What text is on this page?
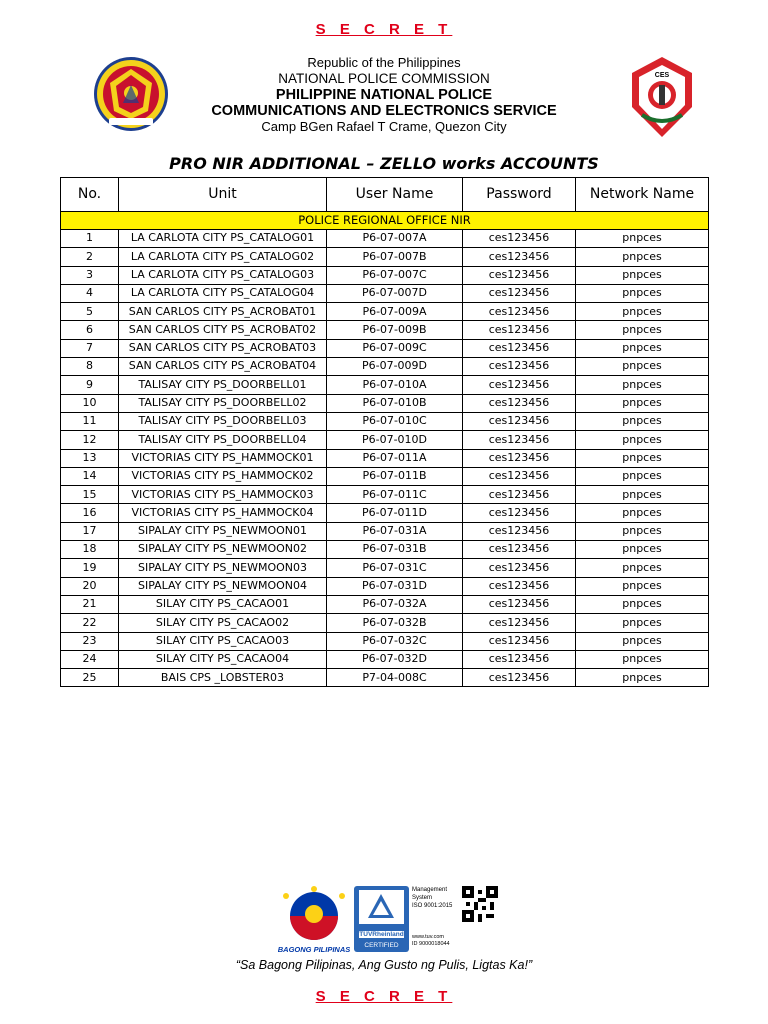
S E C R E T
Republic of the Philippines
NATIONAL POLICE COMMISSION
PHILIPPINE NATIONAL POLICE
COMMUNICATIONS AND ELECTRONICS SERVICE
Camp BGen Rafael T Crame, Quezon City
CES
PRO NIR ADDITIONAL – ZELLO works ACCOUNTS
No.	Unit	User Name	Password	Network Name
POLICE REGIONAL OFFICE NIR				
1	LA CARLOTA CITY PS_CATALOG01	P6-07-007A	ces123456	pnpces
2	LA CARLOTA CITY PS_CATALOG02	P6-07-007B	ces123456	pnpces
3	LA CARLOTA CITY PS_CATALOG03	P6-07-007C	ces123456	pnpces
4	LA CARLOTA CITY PS_CATALOG04	P6-07-007D	ces123456	pnpces
5	SAN CARLOS CITY PS_ACROBAT01	P6-07-009A	ces123456	pnpces
6	SAN CARLOS CITY PS_ACROBAT02	P6-07-009B	ces123456	pnpces
7	SAN CARLOS CITY PS_ACROBAT03	P6-07-009C	ces123456	pnpces
8	SAN CARLOS CITY PS_ACROBAT04	P6-07-009D	ces123456	pnpces
9	TALISAY CITY PS_DOORBELL01	P6-07-010A	ces123456	pnpces
10	TALISAY CITY PS_DOORBELL02	P6-07-010B	ces123456	pnpces
11	TALISAY CITY PS_DOORBELL03	P6-07-010C	ces123456	pnpces
12	TALISAY CITY PS_DOORBELL04	P6-07-010D	ces123456	pnpces
13	VICTORIAS CITY PS_HAMMOCK01	P6-07-011A	ces123456	pnpces
14	VICTORIAS CITY PS_HAMMOCK02	P6-07-011B	ces123456	pnpces
15	VICTORIAS CITY PS_HAMMOCK03	P6-07-011C	ces123456	pnpces
16	VICTORIAS CITY PS_HAMMOCK04	P6-07-011D	ces123456	pnpces
17	SIPALAY CITY PS_NEWMOON01	P6-07-031A	ces123456	pnpces
18	SIPALAY CITY PS_NEWMOON02	P6-07-031B	ces123456	pnpces
19	SIPALAY CITY PS_NEWMOON03	P6-07-031C	ces123456	pnpces
20	SIPALAY CITY PS_NEWMOON04	P6-07-031D	ces123456	pnpces
21	SILAY CITY PS_CACAO01	P6-07-032A	ces123456	pnpces
22	SILAY CITY PS_CACAO02	P6-07-032B	ces123456	pnpces
23	SILAY CITY PS_CACAO03	P6-07-032C	ces123456	pnpces
24	SILAY CITY PS_CACAO04	P6-07-032D	ces123456	pnpces
25	BAIS CPS _LOBSTER03	P7-04-008C	ces123456	pnpces
BAGONG PILIPINAS
TÜVRheinland
CERTIFIED
Management
System
ISO 9001:2015
www.tuv.com
ID 9000018044
“Sa Bagong Pilipinas, Ang Gusto ng Pulis, Ligtas Ka!”
S E C R E T
